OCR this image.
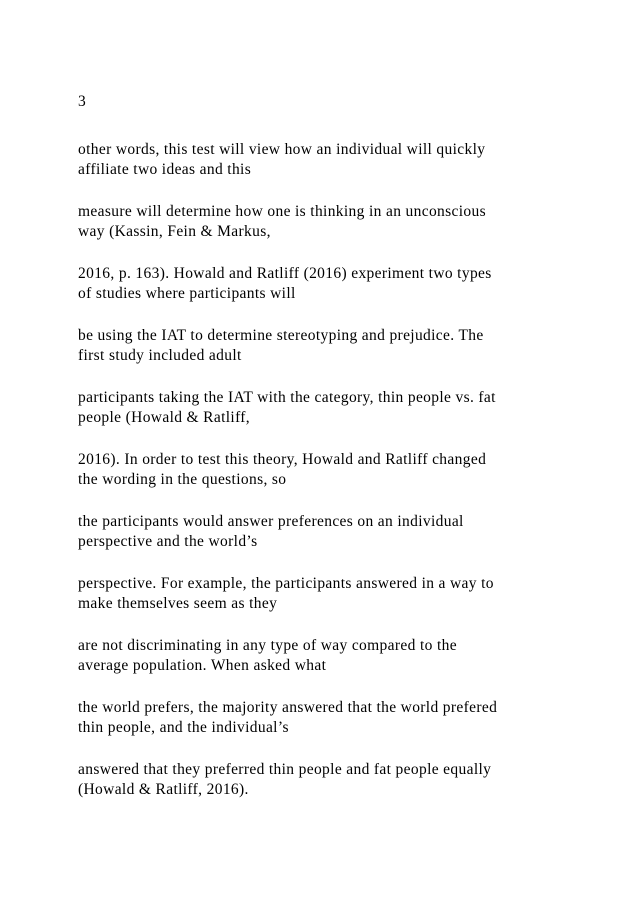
3

other words, this test will view how an individual will quickly
affiliate two ideas and this

measure will determine how one is thinking in an unconscious
way (Kassin, Fein & Markus,

2016, p. 163). Howald and Ratliff (2016) experiment two types
of studies where participants will

be using the IAT to determine stereotyping and prejudice. The
first study included adult

participants taking the IAT with the category, thin people vs. fat
people (Howald & Ratliff,

2016). In order to test this theory, Howald and Ratliff changed
the wording in the questions, so

the participants would answer preferences on an individual
perspective and the world’s

perspective. For example, the participants answered in a way to
make themselves seem as they

are not discriminating in any type of way compared to the
average population. When asked what

the world prefers, the majority answered that the world prefered
thin people, and the individual’s

answered that they preferred thin people and fat people equally
(Howald & Ratliff, 2016).
